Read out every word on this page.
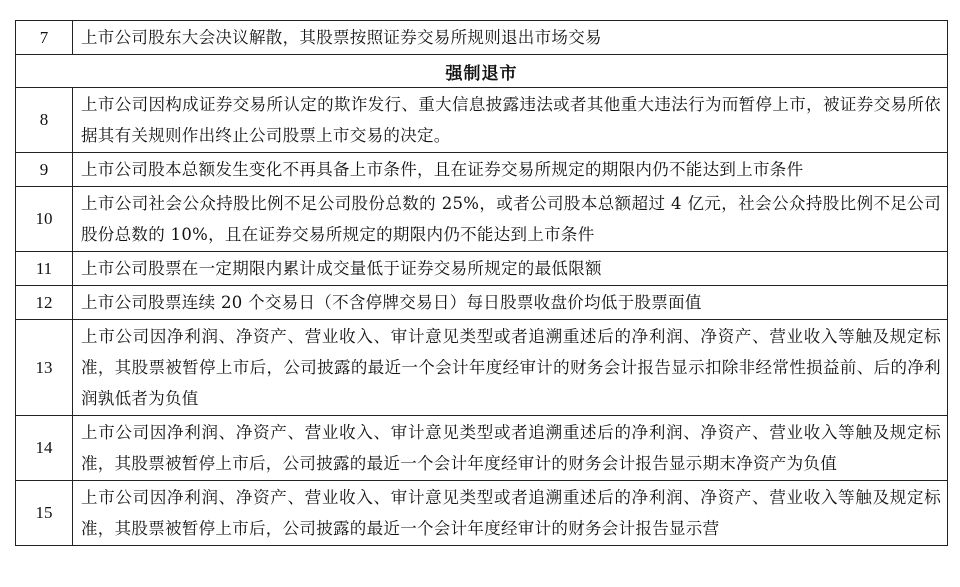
7	上市公司股东大会决议解散，其股票按照证券交易所规则退出市场交易
强制退市	
8	上市公司因构成证券交易所认定的欺诈发行、重大信息披露违法或者其他重大违法行为而暂停上市，被证券交易所依据其有关规则作出终止公司股票上市交易的决定。
9	上市公司股本总额发生变化不再具备上市条件，且在证券交易所规定的期限内仍不能达到上市条件
10	上市公司社会公众持股比例不足公司股份总数的 25%，或者公司股本总额超过 4 亿元，社会公众持股比例不足公司股份总数的 10%，且在证券交易所规定的期限内仍不能达到上市条件
11	上市公司股票在一定期限内累计成交量低于证券交易所规定的最低限额
12	上市公司股票连续 20 个交易日（不含停牌交易日）每日股票收盘价均低于股票面值
13	上市公司因净利润、净资产、营业收入、审计意见类型或者追溯重述后的净利润、净资产、营业收入等触及规定标准，其股票被暂停上市后，公司披露的最近一个会计年度经审计的财务会计报告显示扣除非经常性损益前、后的净利润孰低者为负值
14	上市公司因净利润、净资产、营业收入、审计意见类型或者追溯重述后的净利润、净资产、营业收入等触及规定标准，其股票被暂停上市后，公司披露的最近一个会计年度经审计的财务会计报告显示期末净资产为负值
15	上市公司因净利润、净资产、营业收入、审计意见类型或者追溯重述后的净利润、净资产、营业收入等触及规定标准，其股票被暂停上市后，公司披露的最近一个会计年度经审计的财务会计报告显示营
